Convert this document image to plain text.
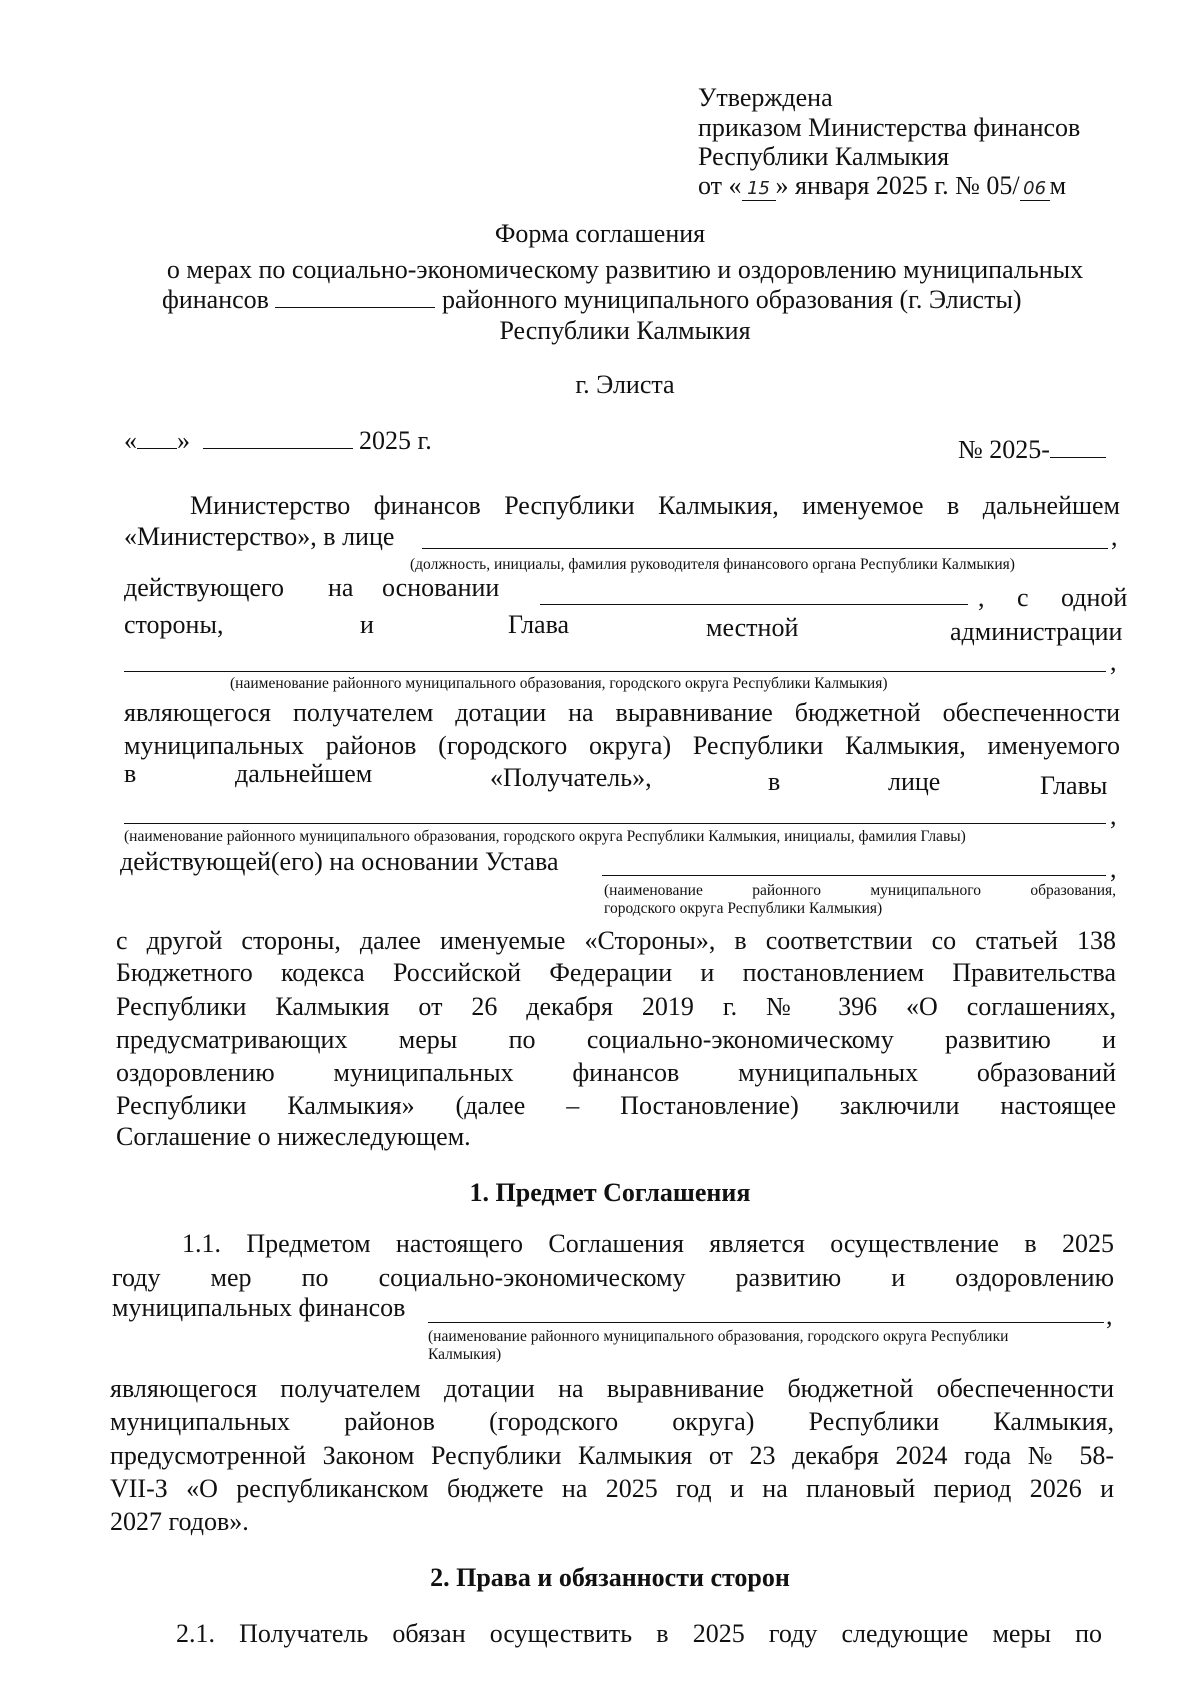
Утверждена
приказом Министерства финансов
Республики Калмыкия
от « 15 » января 2025 г. № 05/ 06 м
Форма соглашения
о мерах по социально-экономическому развитию и оздоровлению муниципальных
финансов	районного муниципального образования (г. Элисты)
Республики Калмыкия
г. Элиста
« »	2025 г.	№ 2025-
Министерство финансов Республики Калмыкия, именуемое в дальнейшем
«Министерство», в лице	,
(должность, инициалы, фамилия руководителя финансового органа Республики Калмыкия)
действующего на основании	, с одной
стороны,	и	Глава	местной	администрации
,
(наименование районного муниципального образования, городского округа Республики Калмыкия)
являющегося получателем дотации на выравнивание бюджетной обеспеченности
муниципальных районов (городского округа) Республики Калмыкия, именуемого
в	дальнейшем	«Получатель»,	в	лице	Главы
,
(наименование районного муниципального образования, городского округа Республики Калмыкия, инициалы, фамилия Главы)
действующей(его) на основании Устава	,
(наименование районного муниципального образования,
городского округа Республики Калмыкия)
с другой стороны, далее именуемые «Стороны», в соответствии со статьей 138
Бюджетного кодекса Российской Федерации и постановлением Правительства
Республики Калмыкия от 26 декабря 2019 г. № 396 «О соглашениях,
предусматривающих меры по социально-экономическому развитию и
оздоровлению муниципальных финансов муниципальных образований
Республики Калмыкия» (далее – Постановление) заключили настоящее
Соглашение о нижеследующем.
1. Предмет Соглашения
1.1. Предметом настоящего Соглашения является осуществление в 2025
году мер по социально-экономическому развитию и оздоровлению
муниципальных финансов	,
(наименование районного муниципального образования, городского округа Республики
Калмыкия)
являющегося получателем дотации на выравнивание бюджетной обеспеченности
муниципальных районов (городского округа) Республики Калмыкия,
предусмотренной Законом Республики Калмыкия от 23 декабря 2024 года № 58-
VII-З «О республиканском бюджете на 2025 год и на плановый период 2026 и
2027 годов».
2. Права и обязанности сторон
2.1. Получатель обязан осуществить в 2025 году следующие меры по
